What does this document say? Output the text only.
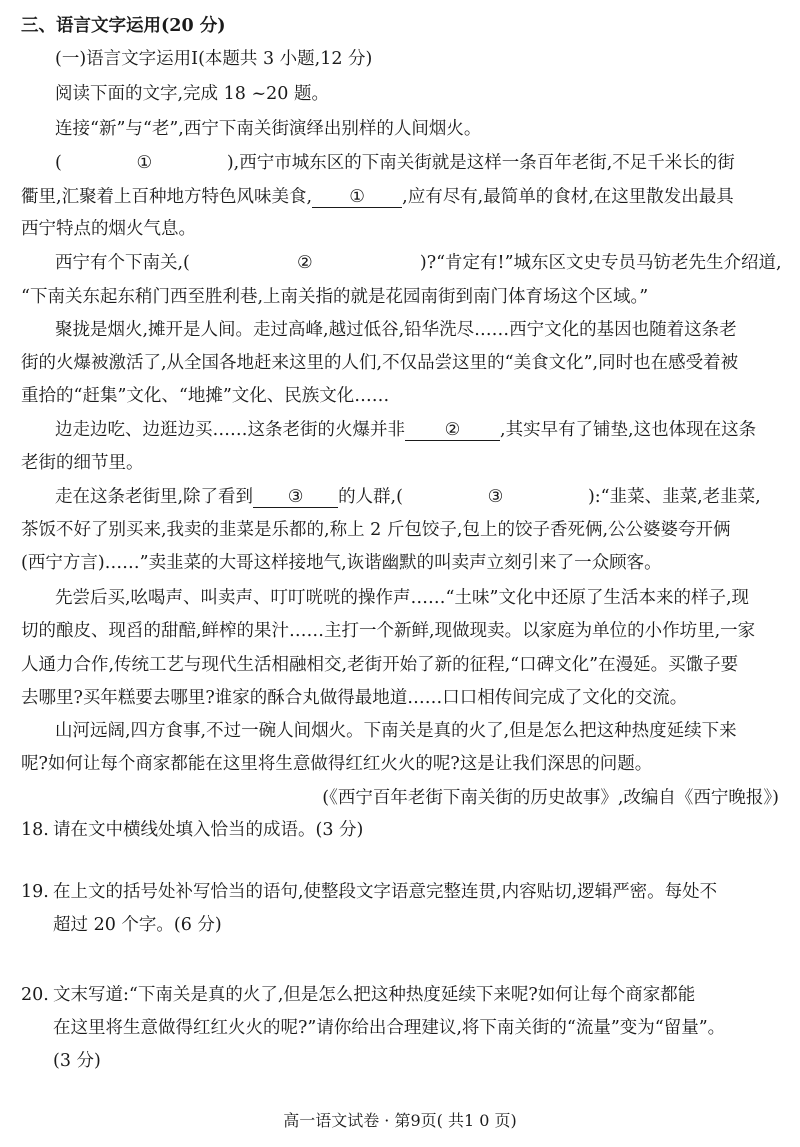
三、语言文字运用(20 分)
(一)语言文字运用Ⅰ(本题共 3 小题,12 分)
阅读下面的文字,完成 18 ~20 题。
连接“新”与“老”,西宁下南关街演绎出别样的人间烟火。
(	①	),西宁市城东区的下南关街就是这样一条百年老街,不足千米长的街
衢里,汇聚着上百种地方特色风味美食, ① ,应有尽有,最简单的食材,在这里散发出最具
西宁特点的烟火气息。
西宁有个下南关,(	②	)?“肯定有!”城东区文史专员马钫老先生介绍道,
“下南关东起东稍门西至胜利巷,上南关指的就是花园南街到南门体育场这个区域。”
聚拢是烟火,摊开是人间。走过高峰,越过低谷,铅华洗尽……西宁文化的基因也随着这条老
街的火爆被激活了,从全国各地赶来这里的人们,不仅品尝这里的“美食文化”,同时也在感受着被
重拾的“赶集”文化、“地摊”文化、民族文化……
边走边吃、边逛边买……这条老街的火爆并非 ② ,其实早有了铺垫,这也体现在这条
老街的细节里。
走在这条老街里,除了看到 ③ 的人群,(	③	):“韭菜、韭菜,老韭菜,
茶饭不好了别买来,我卖的韭菜是乐都的,称上 2 斤包饺子,包上的饺子香死俩,公公婆婆夸开俩
(西宁方言)……”卖韭菜的大哥这样接地气,诙谐幽默的叫卖声立刻引来了一众顾客。
先尝后买,吆喝声、叫卖声、叮叮咣咣的操作声……“土味”文化中还原了生活本来的样子,现
切的酿皮、现舀的甜醅,鲜榨的果汁……主打一个新鲜,现做现卖。以家庭为单位的小作坊里,一家
人通力合作,传统工艺与现代生活相融相交,老街开始了新的征程,“口碑文化”在漫延。买馓子要
去哪里?买年糕要去哪里?谁家的酥合丸做得最地道……口口相传间完成了文化的交流。
山河远阔,四方食事,不过一碗人间烟火。下南关是真的火了,但是怎么把这种热度延续下来
呢?如何让每个商家都能在这里将生意做得红红火火的呢?这是让我们深思的问题。
(《西宁百年老街下南关街的历史故事》,改编自《西宁晚报》)
18. 请在文中横线处填入恰当的成语。(3 分)
19. 在上文的括号处补写恰当的语句,使整段文字语意完整连贯,内容贴切,逻辑严密。每处不
超过 20 个字。(6 分)
20. 文末写道:“下南关是真的火了,但是怎么把这种热度延续下来呢?如何让每个商家都能
在这里将生意做得红红火火的呢?”请你给出合理建议,将下南关街的“流量”变为“留量”。
(3 分)
高一语文试卷 · 第9页( 共1 0 页)
